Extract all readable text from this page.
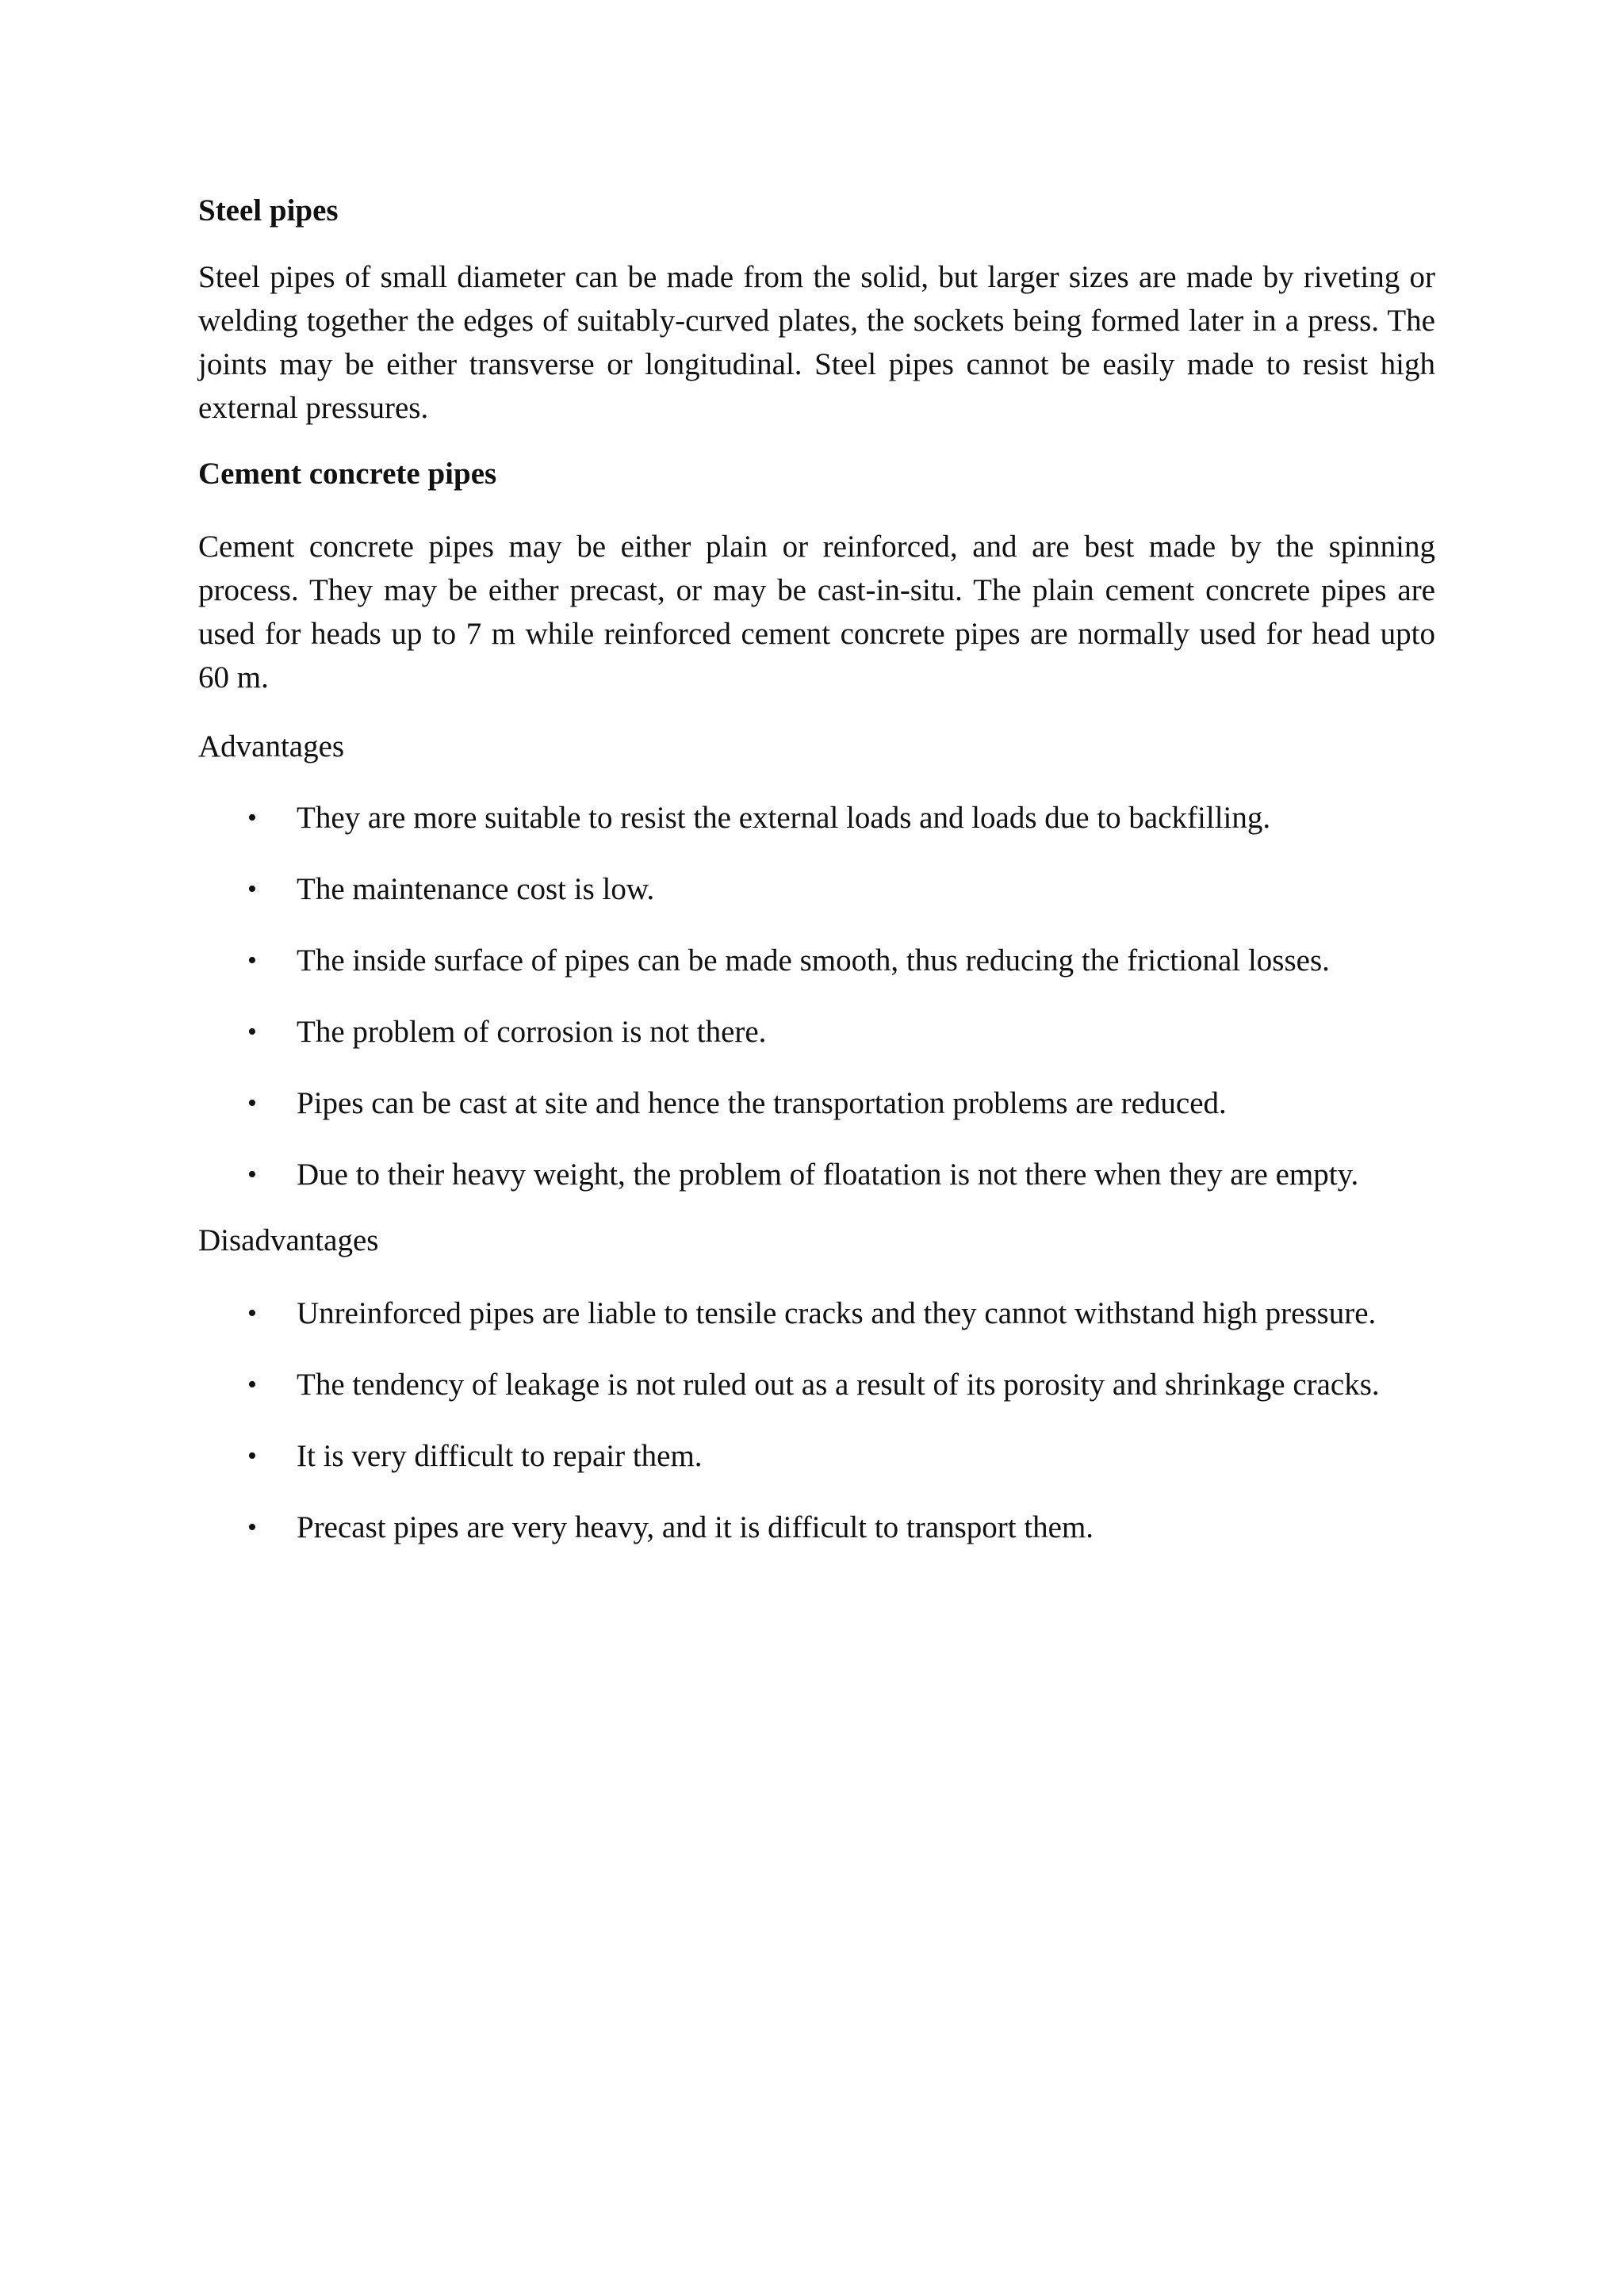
Steel pipes

Steel pipes of small diameter can be made from the solid, but larger sizes are made by riveting or welding together the edges of suitably-curved plates, the sockets being formed later in a press. The joints may be either transverse or longitudinal. Steel pipes cannot be easily made to resist high external pressures.

Cement concrete pipes

Cement concrete pipes may be either plain or reinforced, and are best made by the spinning process. They may be either precast, or may be cast-in-situ. The plain cement concrete pipes are used for heads up to 7 m while reinforced cement concrete pipes are normally used for head upto 60 m.

Advantages

• They are more suitable to resist the external loads and loads due to backfilling.
• The maintenance cost is low.
• The inside surface of pipes can be made smooth, thus reducing the frictional losses.
• The problem of corrosion is not there.
• Pipes can be cast at site and hence the transportation problems are reduced.
• Due to their heavy weight, the problem of floatation is not there when they are empty.

Disadvantages

• Unreinforced pipes are liable to tensile cracks and they cannot withstand high pressure.
• The tendency of leakage is not ruled out as a result of its porosity and shrinkage cracks.
• It is very difficult to repair them.
• Precast pipes are very heavy, and it is difficult to transport them.
